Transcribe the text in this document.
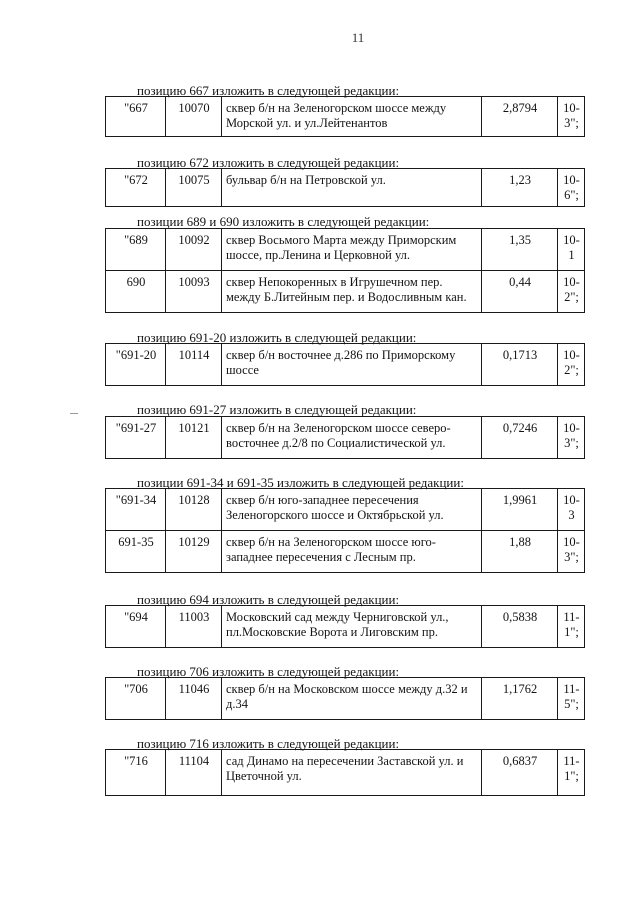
11
позицию 667 изложить в следующей редакции:
"667	10070	сквер б/н на Зеленогорском шоссе между Морской ул. и ул.Лейтенантов	2,8794	10-3";
позицию 672 изложить в следующей редакции:
"672	10075	бульвар б/н на Петровской ул.	1,23	10-6";
позиции 689 и 690 изложить в следующей редакции:
"689	10092	сквер Восьмого Марта между Приморским шоссе, пр.Ленина и Церковной ул.	1,35	10-1
690	10093	сквер Непокоренных в Игрушечном пер. между Б.Литейным пер. и Водосливным кан.	0,44	10-2";
позицию 691-20 изложить в следующей редакции:
"691-20	10114	сквер б/н восточнее д.286 по Приморскому шоссе	0,1713	10-2";
позицию 691-27 изложить в следующей редакции:
"691-27	10121	сквер б/н на Зеленогорском шоссе северо-восточнее д.2/8 по Социалистической ул.	0,7246	10-3";
позиции 691-34 и 691-35 изложить в следующей редакции:
"691-34	10128	сквер б/н юго-западнее пересечения Зеленогорского шоссе и Октябрьской ул.	1,9961	10-3
691-35	10129	сквер б/н на Зеленогорском шоссе юго-западнее пересечения с Лесным пр.	1,88	10-3";
позицию 694 изложить в следующей редакции:
"694	11003	Московский сад между Черниговской ул., пл.Московские Ворота и Лиговским пр.	0,5838	11-1";
позицию 706 изложить в следующей редакции:
"706	11046	сквер б/н на Московском шоссе между д.32 и д.34	1,1762	11-5";
позицию 716 изложить в следующей редакции:
"716	11104	сад Динамо на пересечении Заставской ул. и Цветочной ул.	0,6837	11-1";
